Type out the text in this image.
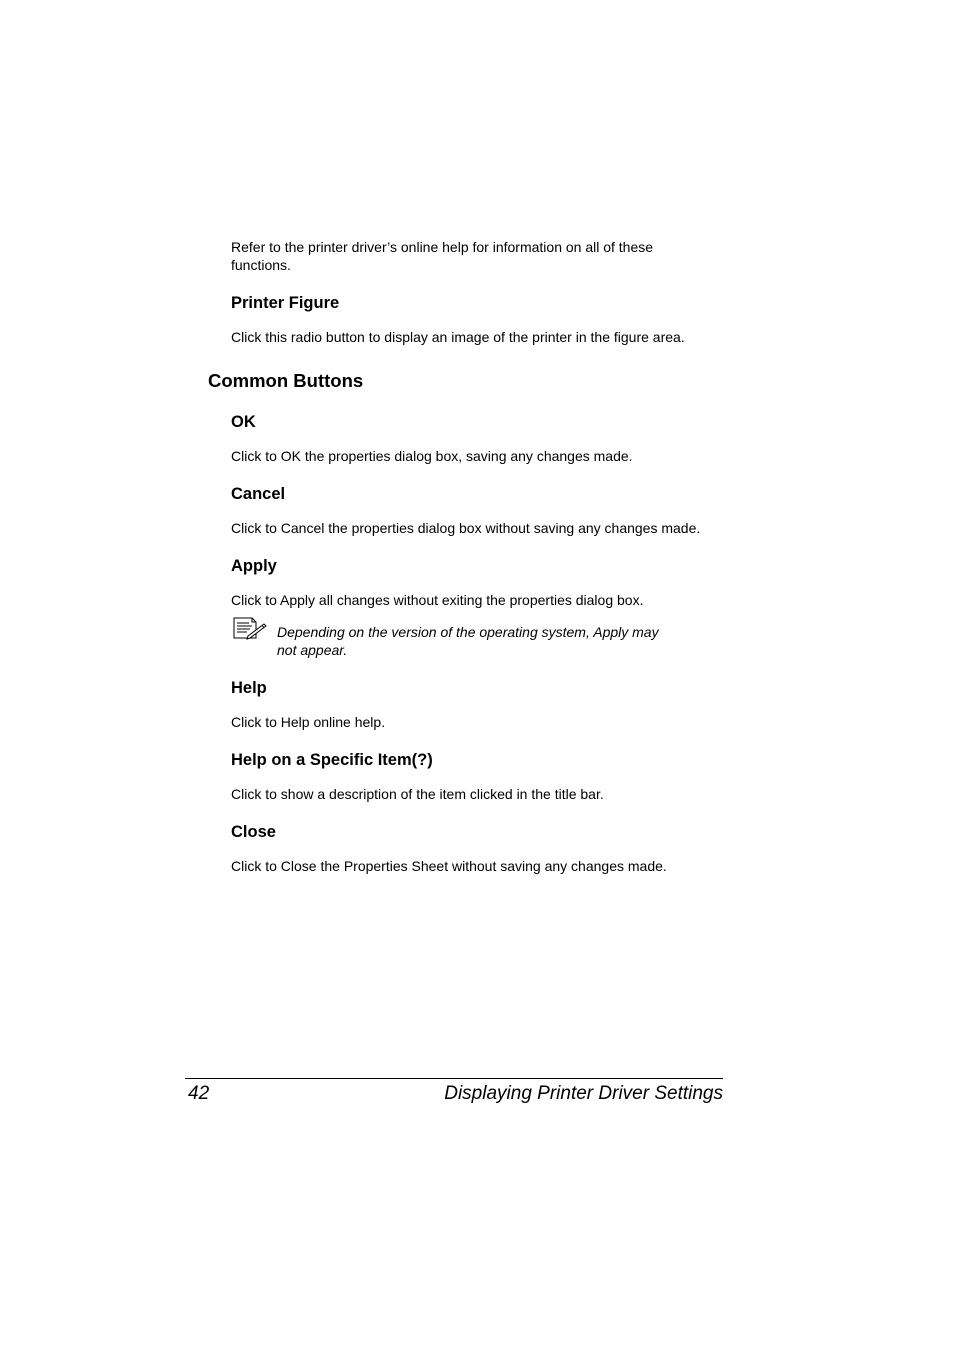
Refer to the printer driver’s online help for information on all of these

functions.

Printer Figure

Click this radio button to display an image of the printer in the figure area.

Common Buttons
OK

Click to OK the properties dialog box, saving any changes made.

Cancel

Click to Cancel the properties dialog box without saving any changes made.

Apply

Click to Apply all changes without exiting the properties dialog box.

Depending on the version of the operating system, Apply may

not appear.

Help

Click to Help online help.

Help on a Specific Item(?)

Click to show a description of the item clicked in the title bar.

Close

Click to Close the Properties Sheet without saving any changes made.

42	Displaying Printer Driver Settings
